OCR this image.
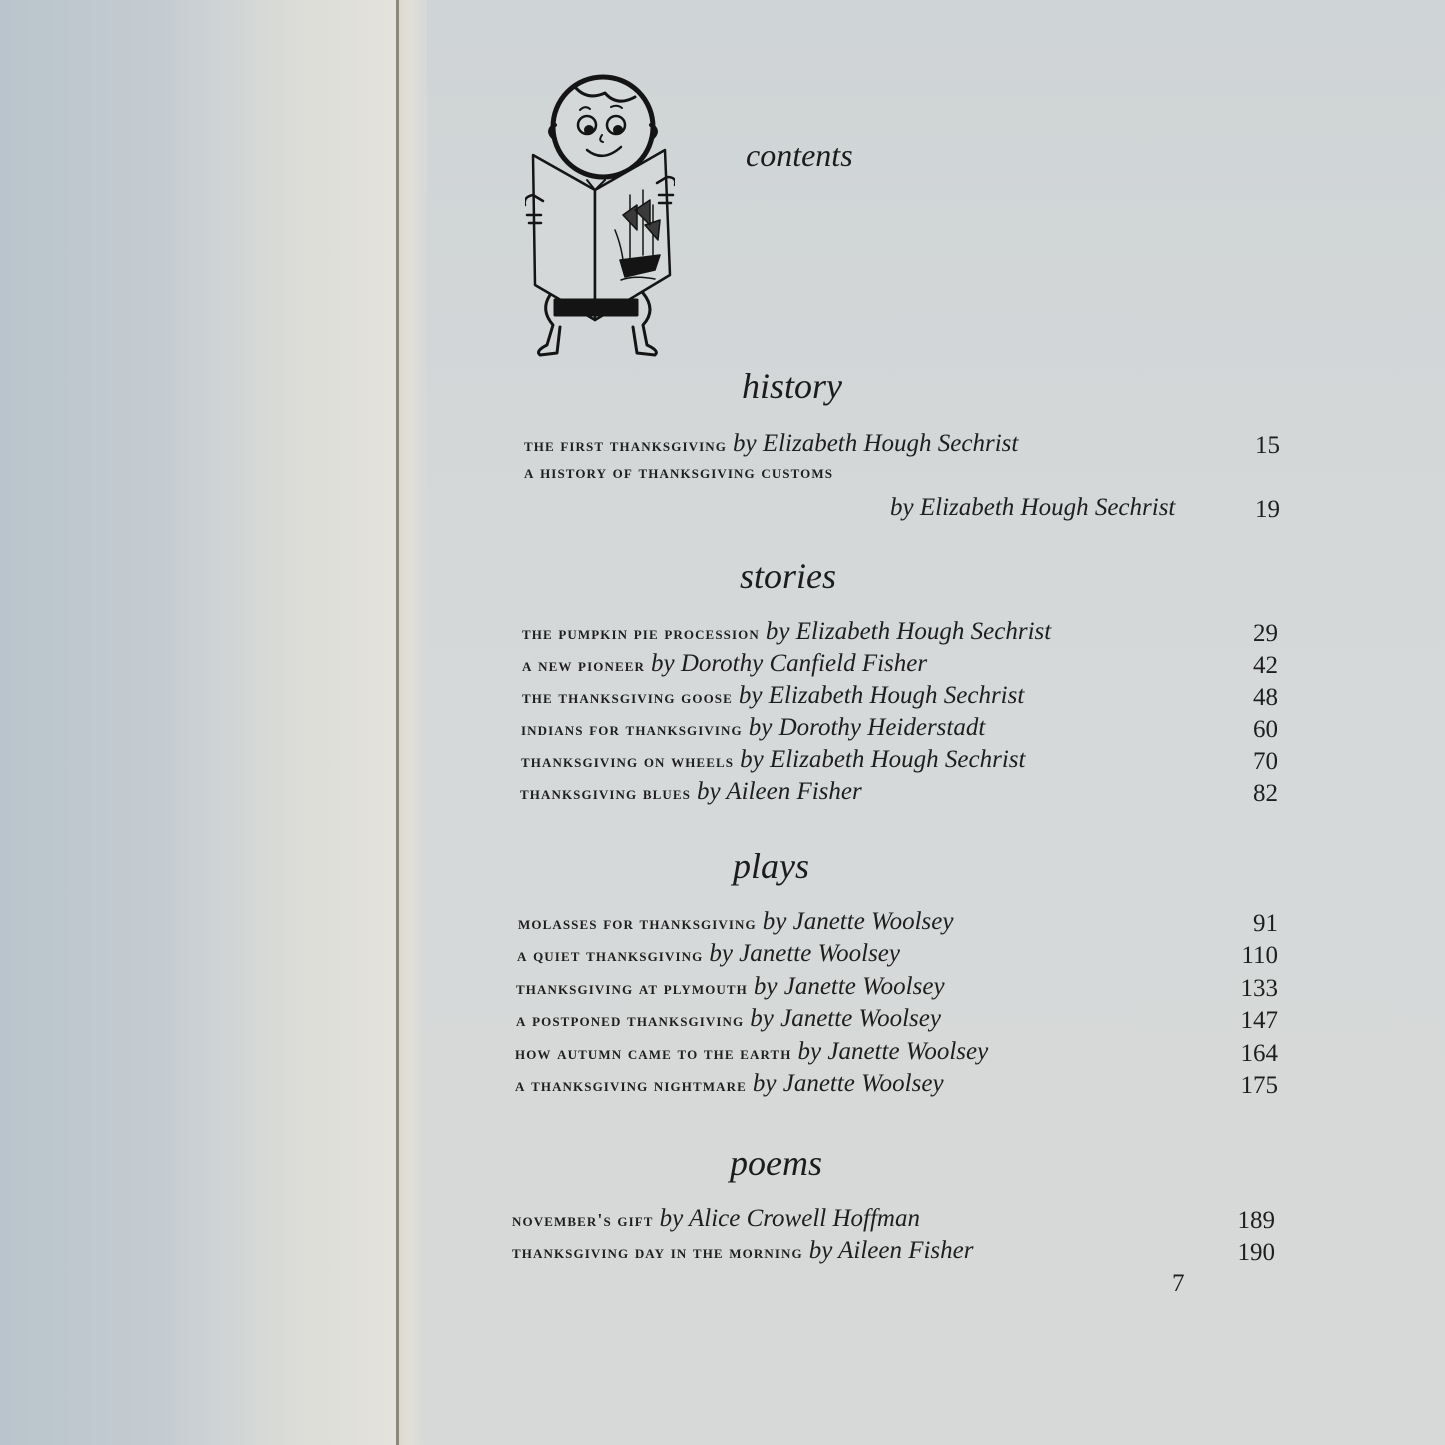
contents
history
the first thanksgiving by Elizabeth Hough Sechrist	15
a history of thanksgiving customs
by Elizabeth Hough Sechrist	19
stories
the pumpkin pie procession by Elizabeth Hough Sechrist	29
a new pioneer by Dorothy Canfield Fisher	42
the thanksgiving goose by Elizabeth Hough Sechrist	48
indians for thanksgiving by Dorothy Heiderstadt	60
thanksgiving on wheels by Elizabeth Hough Sechrist	70
thanksgiving blues by Aileen Fisher	82
plays
molasses for thanksgiving by Janette Woolsey	91
a quiet thanksgiving by Janette Woolsey	110
thanksgiving at plymouth by Janette Woolsey	133
a postponed thanksgiving by Janette Woolsey	147
how autumn came to the earth by Janette Woolsey	164
a thanksgiving nightmare by Janette Woolsey	175
poems
november's gift by Alice Crowell Hoffman	189
thanksgiving day in the morning by Aileen Fisher	190
7
